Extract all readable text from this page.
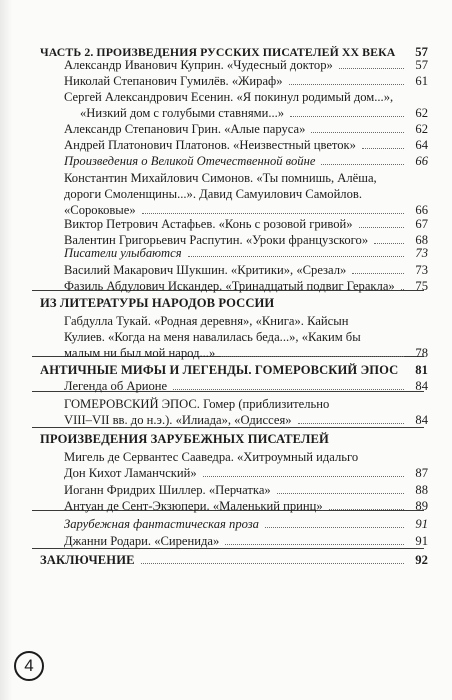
ЧАСТЬ 2. ПРОИЗВЕДЕНИЯ РУССКИХ ПИСАТЕЛЕЙ XX ВЕКА 57
Александр Иванович Куприн. «Чудесный доктор»	57
Николай Степанович Гумилёв. «Жираф»	61
Сергей Александрович Есенин. «Я покинул родимый дом...»,
«Низкий дом с голубыми ставнями...»	62
Александр Степанович Грин. «Алые паруса»	62
Андрей Платонович Платонов. «Неизвестный цветок»	64
Произведения о Великой Отечественной войне	66
Константин Михайлович Симонов. «Ты помнишь, Алёша,
дороги Смоленщины...». Давид Самуилович Самойлов.
«Сороковые»	66
Виктор Петрович Астафьев. «Конь с розовой гривой»	67
Валентин Григорьевич Распутин. «Уроки французского»	68
Писатели улыбаются	73
Василий Макарович Шукшин. «Критики», «Срезал»	73
Фазиль Абдулович Искандер. «Тринадцатый подвиг Геракла» 75
ИЗ ЛИТЕРАТУРЫ НАРОДОВ РОССИИ
Габдулла Тукай. «Родная деревня», «Книга». Кайсын
Кулиев. «Когда на меня навалилась беда...», «Каким бы
малым ни был мой народ...»	78
АНТИЧНЫЕ МИФЫ И ЛЕГЕНДЫ. ГОМЕРОВСКИЙ ЭПОС 81
Легенда об Арионе	84
ГОМЕРОВСКИЙ ЭПОС. Гомер (приблизительно
VIII–VII вв. до н.э.). «Илиада», «Одиссея»	84
ПРОИЗВЕДЕНИЯ ЗАРУБЕЖНЫХ ПИСАТЕЛЕЙ
Мигель де Сервантес Сааведра. «Хитроумный идальго
Дон Кихот Ламанчский»	87
Иоганн Фридрих Шиллер. «Перчатка»	88
Антуан де Сент-Экзюпери. «Маленький принц»	89
Зарубежная фантастическая проза	91
Джанни Родари. «Сиренида»	91
ЗАКЛЮЧЕНИЕ	92
4
